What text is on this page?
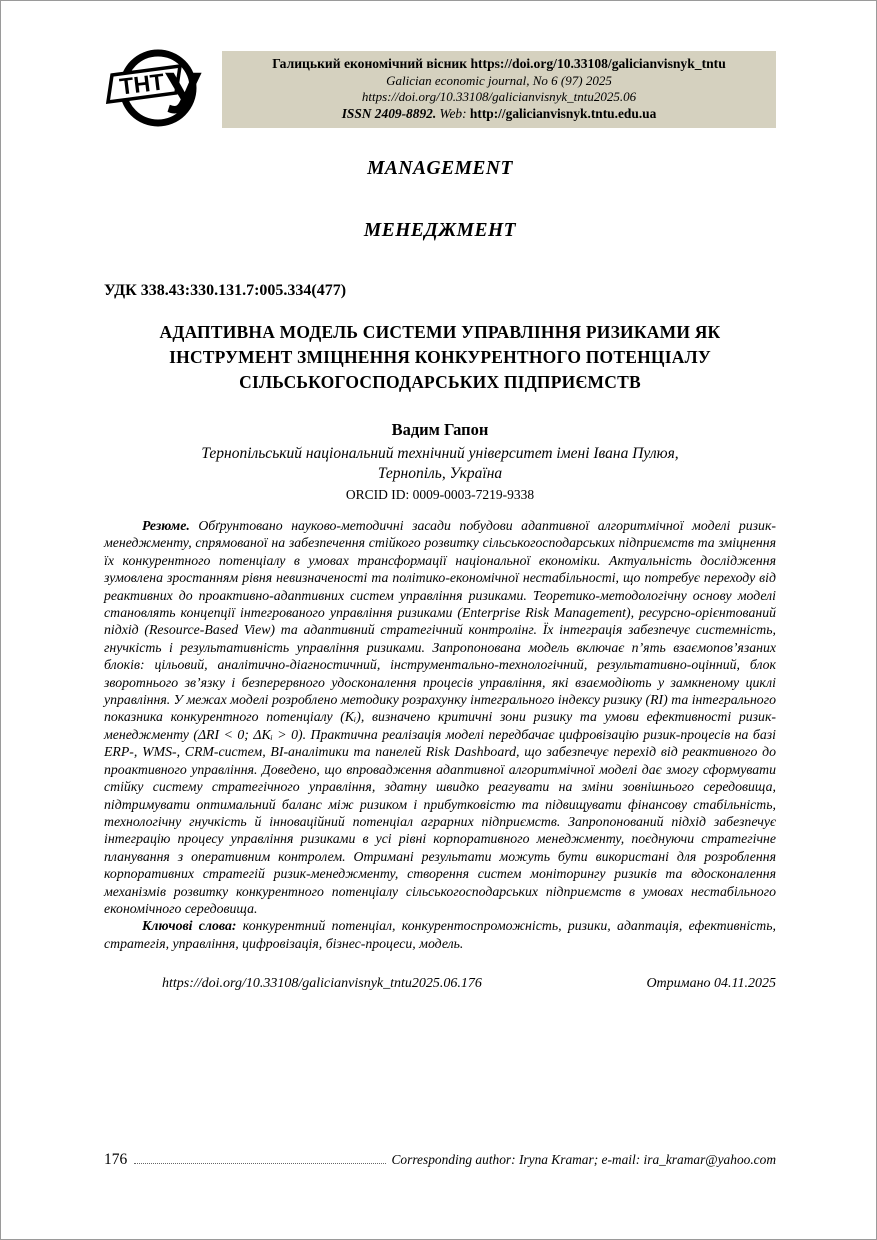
ТНТ У	Галицький економічний вісник https://doi.org/10.33108/galicianvisnyk_tntu
Galician economic journal, No 6 (97) 2025
https://doi.org/10.33108/galicianvisnyk_tntu2025.06
ISSN 2409-8892. Web: http://galicianvisnyk.tntu.edu.ua
MANAGEMENT
МЕНЕДЖМЕНТ
УДК 338.43:330.131.7:005.334(477)
АДАПТИВНА МОДЕЛЬ СИСТЕМИ УПРАВЛІННЯ РИЗИКАМИ ЯК
ІНСТРУМЕНТ ЗМІЦНЕННЯ КОНКУРЕНТНОГО ПОТЕНЦІАЛУ
СІЛЬСЬКОГОСПОДАРСЬКИХ ПІДПРИЄМСТВ
Вадим Гапон
Тернопільський національний технічний університет імені Івана Пулюя,
Тернопіль, Україна
ORCID ID: 0009-0003-7219-9338

Резюме. Обґрунтовано науково-методичні засади побудови адаптивної алгоритмічної моделі ризик-менеджменту, спрямованої на забезпечення стійкого розвитку сільськогосподарських підприємств та зміцнення їх конкурентного потенціалу в умовах трансформації національної економіки. Актуальність дослідження зумовлена зростанням рівня невизначеності та політико-економічної нестабільності, що потребує переходу від реактивних до проактивно-адаптивних систем управління ризиками. Теоретико-методологічну основу моделі становлять концепції інтегрованого управління ризиками (Enterprise Risk Management), ресурсно-орієнтований підхід (Resource-Based View) та адаптивний стратегічний контролінг. Їх інтеграція забезпечує системність, гнучкість і результативність управління ризиками. Запропонована модель включає п’ять взаємопов’язаних блоків: цільовий, аналітично-діагностичний, інструментально-технологічний, результативно-оцінний, блок зворотнього зв’язку і безперервного удосконалення процесів управління, які взаємодіють у замкненому циклі управління. У межах моделі розроблено методику розрахунку інтегрального індексу ризику (RI) та інтегрального показника конкурентного потенціалу (Kᵢ), визначено критичні зони ризику та умови ефективності ризик-менеджменту (ΔRI < 0; ΔKᵢ > 0). Практична реалізація моделі передбачає цифровізацію ризик-процесів на базі ERP-, WMS-, CRM-систем, BI-аналітики та панелей Risk Dashboard, що забезпечує перехід від реактивного до проактивного управління. Доведено, що впровадження адаптивної алгоритмічної моделі дає змогу сформувати стійку систему стратегічного управління, здатну швидко реагувати на зміни зовнішнього середовища, підтримувати оптимальний баланс між ризиком і прибутковістю та підвищувати фінансову стабільність, технологічну гнучкість й інноваційний потенціал аграрних підприємств. Запропонований підхід забезпечує інтеграцію процесу управління ризиками в усі рівні корпоративного менеджменту, поєднуючи стратегічне планування з оперативним контролем. Отримані результати можуть бути використані для розроблення корпоративних стратегій ризик-менеджменту, створення систем моніторингу ризиків та вдосконалення механізмів розвитку конкурентного потенціалу сільськогосподарських підприємств в умовах нестабільного економічного середовища.

Ключові слова: конкурентний потенціал, конкурентоспроможність, ризики, адаптація, ефективність, стратегія, управління, цифровізація, бізнес-процеси, модель.

https://doi.org/10.33108/galicianvisnyk_tntu2025.06.176	Отримано 04.11.2025
176	Corresponding author: Iryna Kramar; e-mail: ira_kramar@yahoo.com
